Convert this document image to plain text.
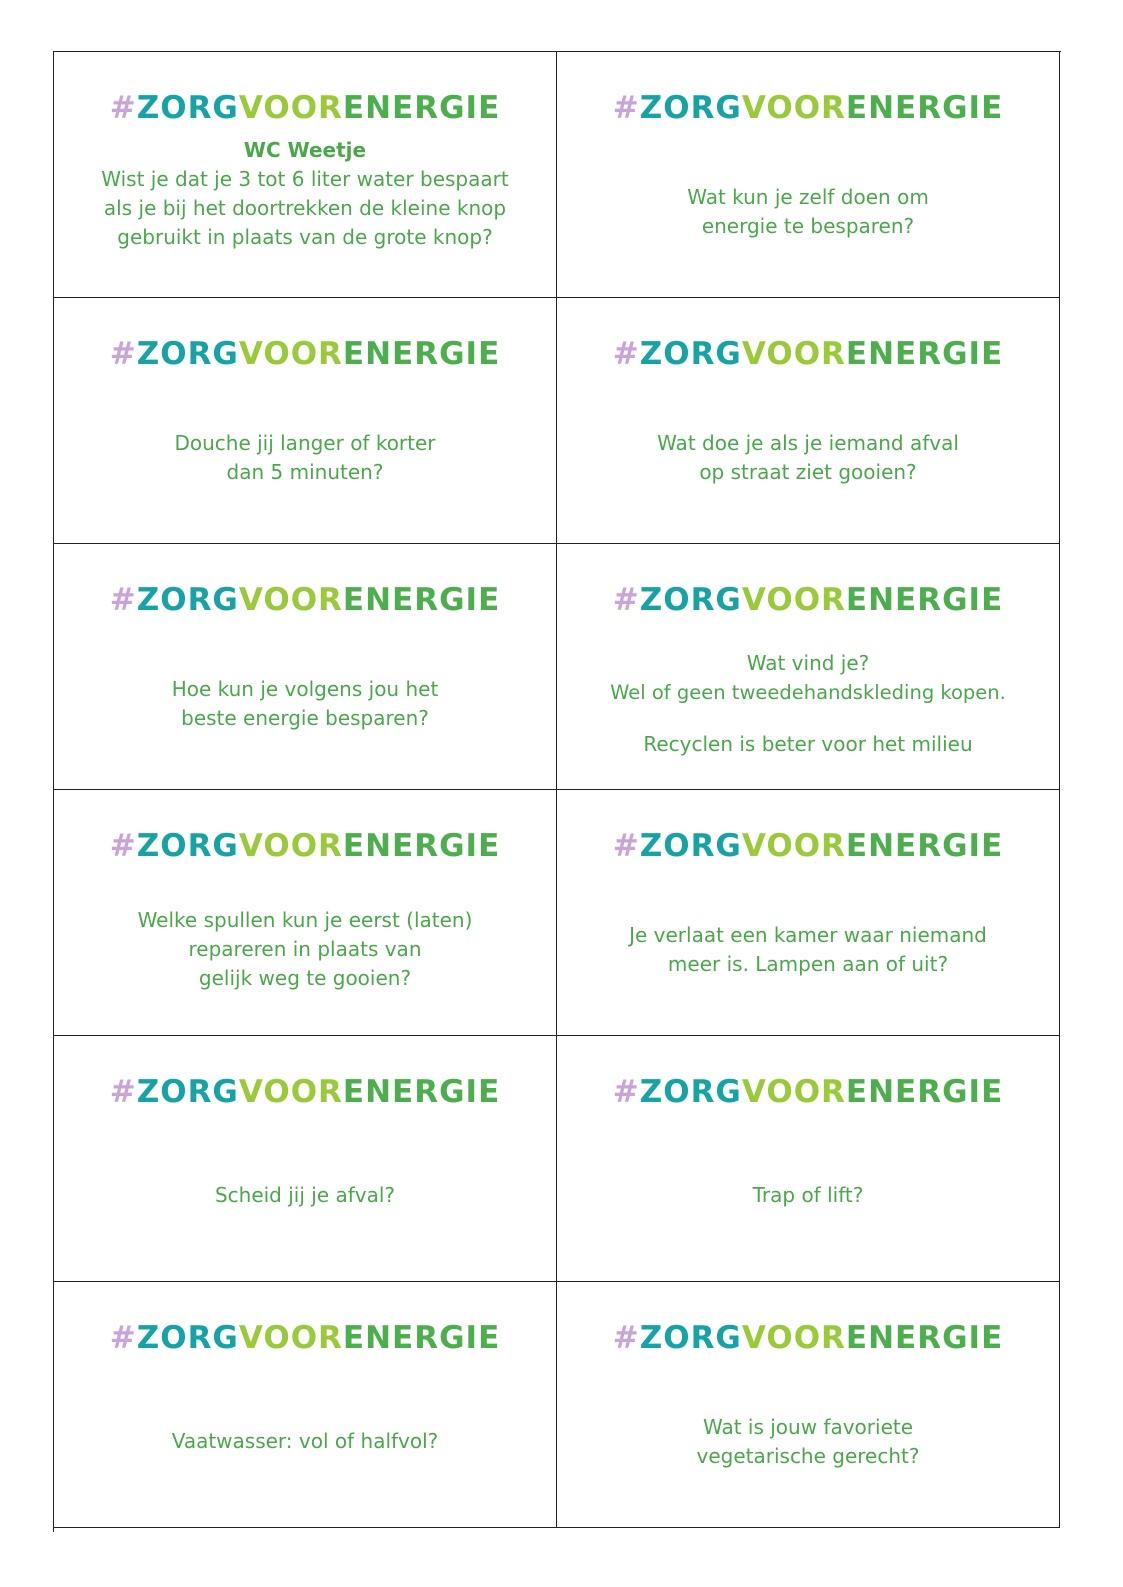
#ZORGVOORENERGIE
WC Weetje
Wist je dat je 3 tot 6 liter water bespaart
als je bij het doortrekken de kleine knop
gebruikt in plaats van de grote knop?
#ZORGVOORENERGIE
Wat kun je zelf doen om
energie te besparen?
#ZORGVOORENERGIE
Douche jij langer of korter
dan 5 minuten?
#ZORGVOORENERGIE
Wat doe je als je iemand afval
op straat ziet gooien?
#ZORGVOORENERGIE
Hoe kun je volgens jou het
beste energie besparen?
#ZORGVOORENERGIE
Wat vind je?
Wel of geen tweedehandskleding kopen.
Recyclen is beter voor het milieu
#ZORGVOORENERGIE
Welke spullen kun je eerst (laten)
repareren in plaats van
gelijk weg te gooien?
#ZORGVOORENERGIE
Je verlaat een kamer waar niemand
meer is. Lampen aan of uit?
#ZORGVOORENERGIE
Scheid jij je afval?
#ZORGVOORENERGIE
Trap of lift?
#ZORGVOORENERGIE
Vaatwasser: vol of halfvol?
#ZORGVOORENERGIE
Wat is jouw favoriete
vegetarische gerecht?
